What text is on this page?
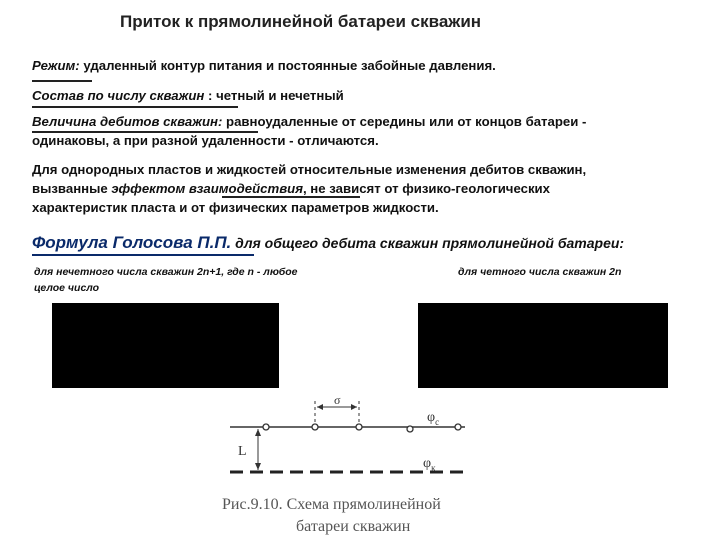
Приток к прямолинейной батареи скважин
Режим: удаленный контур питания и постоянные забойные давления.
Состав по числу скважин : четный и нечетный
Величина дебитов скважин: равноудаленные от середины или от концов батареи -
одинаковы, а при разной удаленности - отличаются.
Для однородных пластов и жидкостей относительные изменения дебитов скважин,
вызванные эффектом взаимодействия, не зависят от физико-геологических
характеристик пласта и от физических параметров жидкости.
Формула Голосова П.П. для общего дебита скважин прямолинейной батареи:
для нечетного числа скважин 2n+1, где n - любое
целое число
для четного числа скважин 2n
σ
L
$\varphi_с$
$\varphi_к$
Рис.9.10. Схема прямолинейной
батареи скважин
